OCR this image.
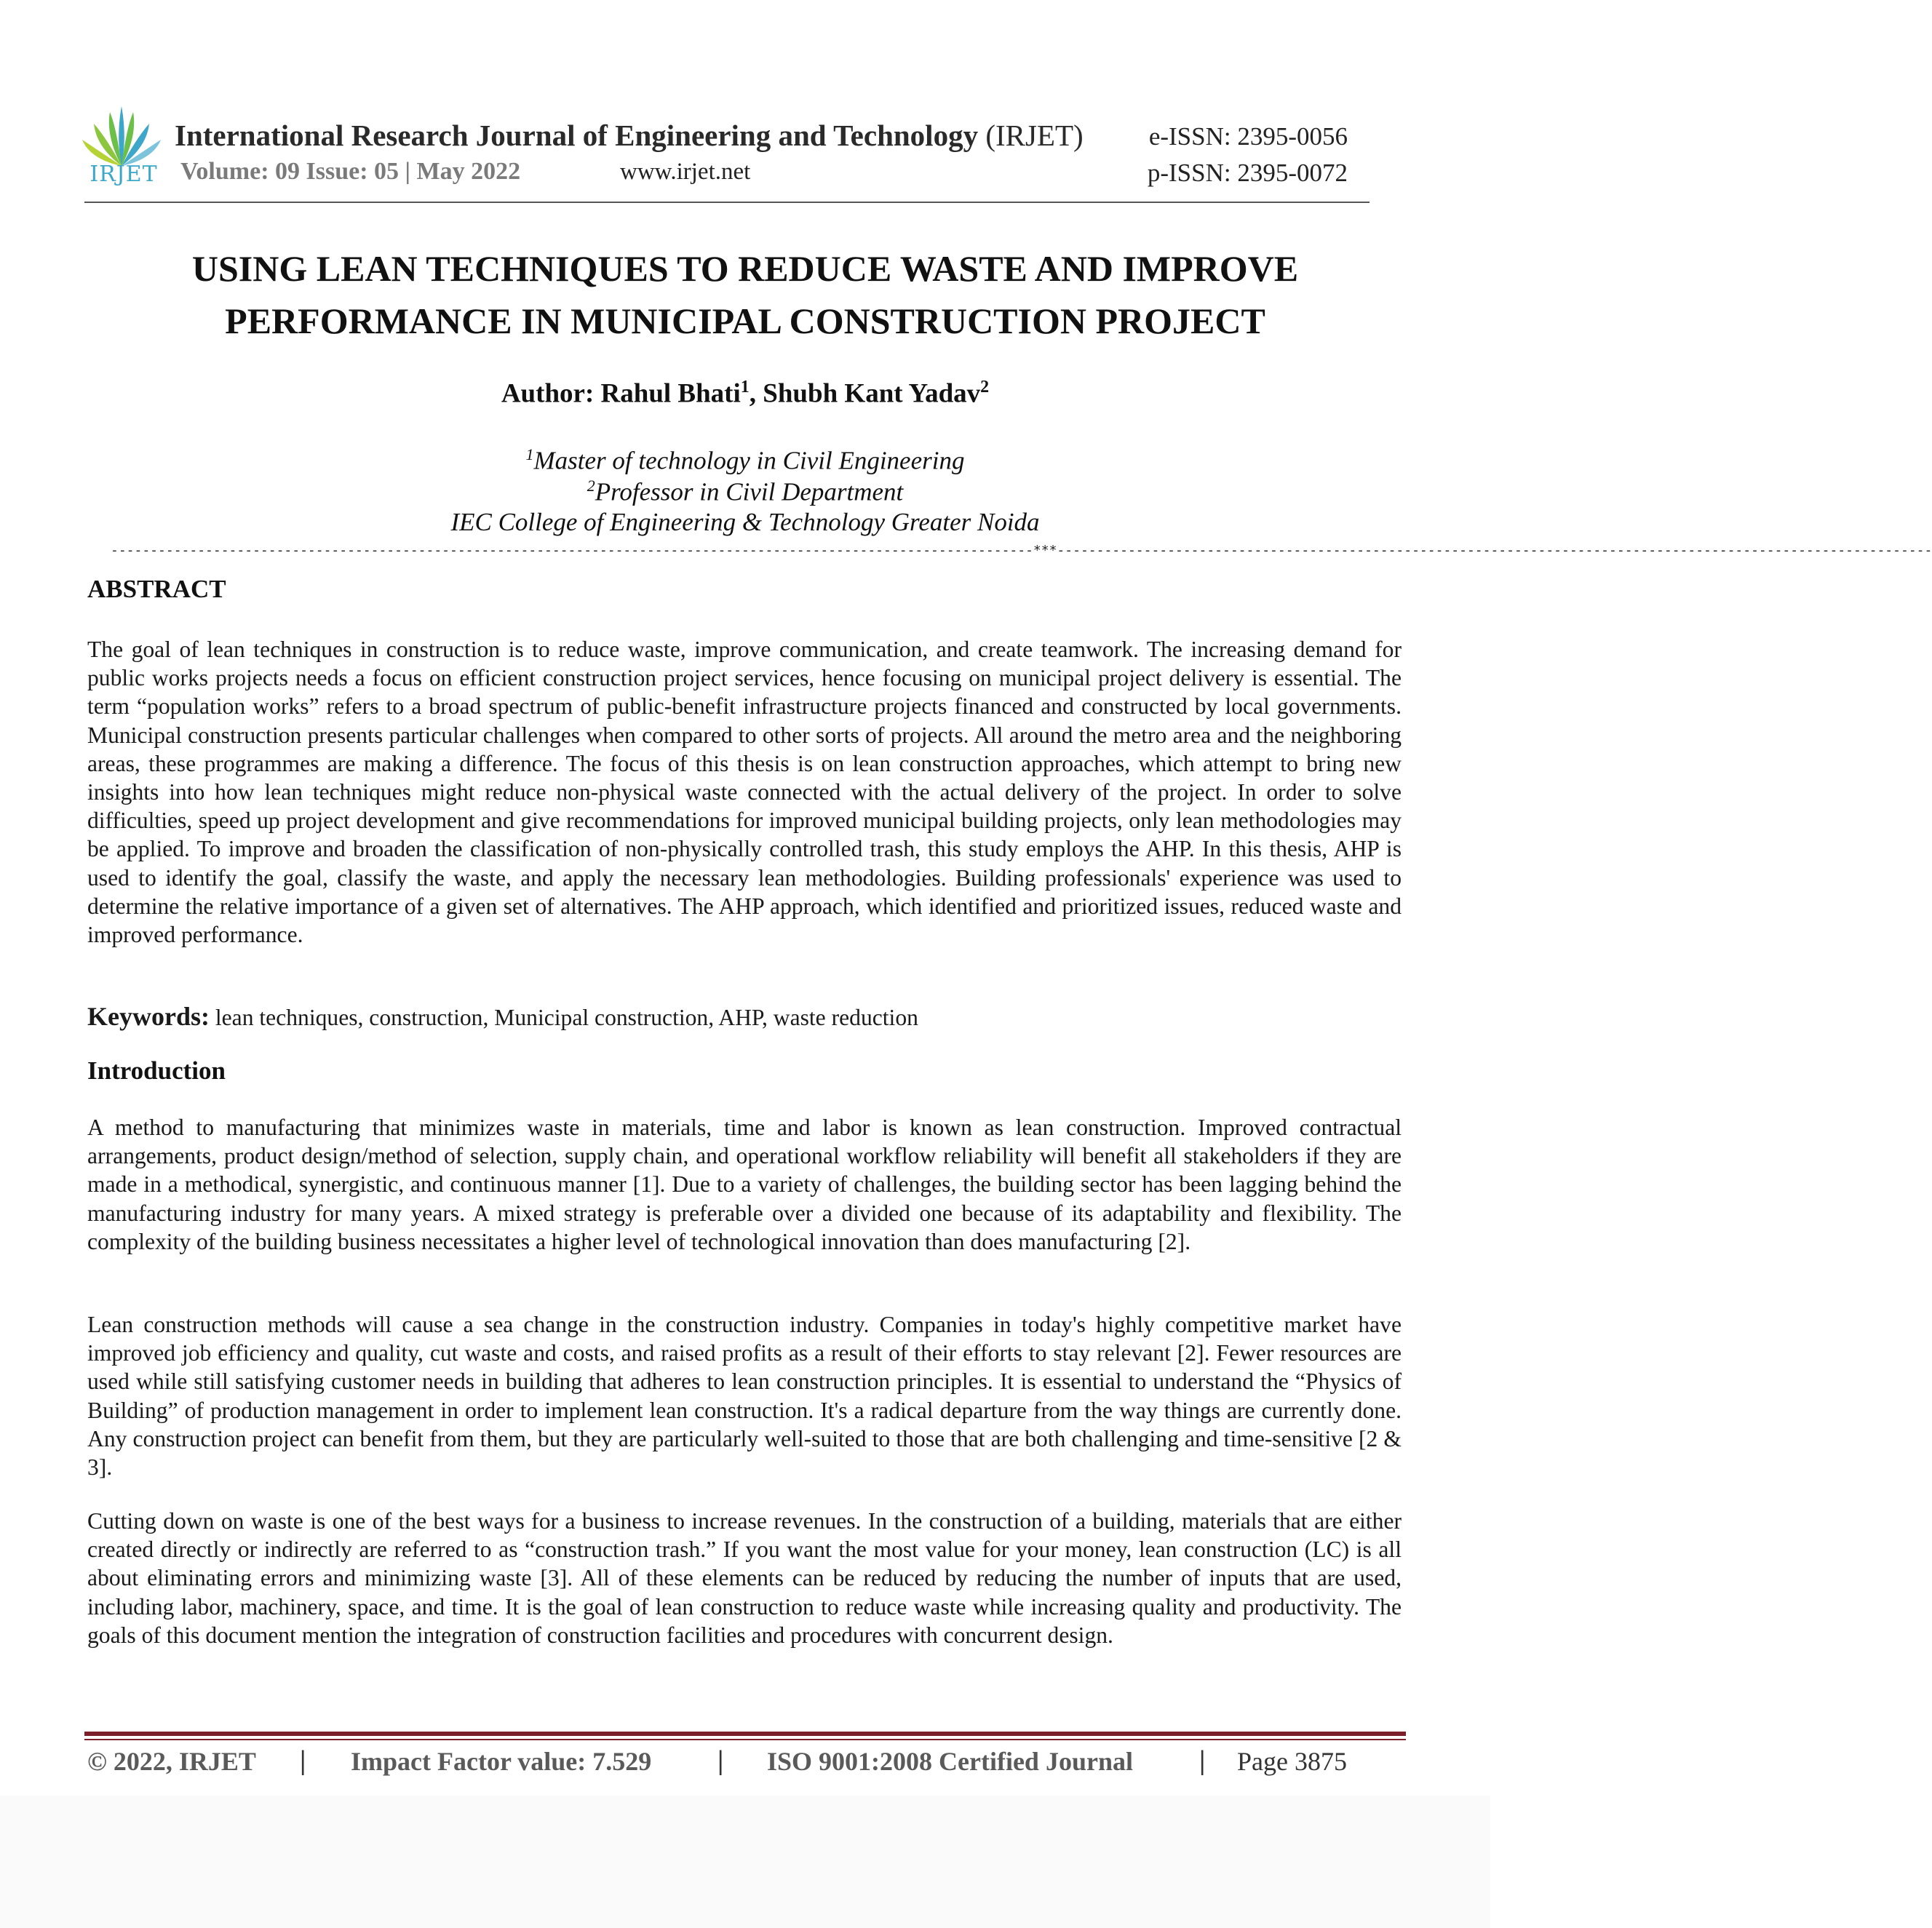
IRJET
International Research Journal of Engineering and Technology (IRJET)	e-ISSN: 2395-0056
Volume: 09 Issue: 05 | May 2022	www.irjet.net	p-ISSN: 2395-0072
USING LEAN TECHNIQUES TO REDUCE WASTE AND IMPROVE
PERFORMANCE IN MUNICIPAL CONSTRUCTION PROJECT
Author: Rahul Bhati$^1$, Shubh Kant Yadav$^2$
$^1$Master of technology in Civil Engineering
$^2$Professor in Civil Department
IEC College of Engineering & Technology Greater Noida
---------------------------------------------------------------------------------------------------------------------***---------------------------------------------------------------------------------------------------------------
ABSTRACT

The goal of lean techniques in construction is to reduce waste, improve communication, and create teamwork. The increasing demand for public works projects needs a focus on efficient construction project services, hence focusing on municipal project delivery is essential. The term “population works” refers to a broad spectrum of public-benefit infrastructure projects financed and constructed by local governments. Municipal construction presents particular challenges when compared to other sorts of projects. All around the metro area and the neighboring areas, these programmes are making a difference. The focus of this thesis is on lean construction approaches, which attempt to bring new insights into how lean techniques might reduce non-physical waste connected with the actual delivery of the project. In order to solve difficulties, speed up project development and give recommendations for improved municipal building projects, only lean methodologies may be applied. To improve and broaden the classification of non-physically controlled trash, this study employs the AHP. In this thesis, AHP is used to identify the goal, classify the waste, and apply the necessary lean methodologies. Building professionals' experience was used to determine the relative importance of a given set of alternatives. The AHP approach, which identified and prioritized issues, reduced waste and improved performance.

Keywords: lean techniques, construction, Municipal construction, AHP, waste reduction
Introduction

A method to manufacturing that minimizes waste in materials, time and labor is known as lean construction. Improved contractual arrangements, product design/method of selection, supply chain, and operational workflow reliability will benefit all stakeholders if they are made in a methodical, synergistic, and continuous manner [1]. Due to a variety of challenges, the building sector has been lagging behind the manufacturing industry for many years. A mixed strategy is preferable over a divided one because of its adaptability and flexibility. The complexity of the building business necessitates a higher level of technological innovation than does manufacturing [2].

Lean construction methods will cause a sea change in the construction industry. Companies in today's highly competitive market have improved job efficiency and quality, cut waste and costs, and raised profits as a result of their efforts to stay relevant [2]. Fewer resources are used while still satisfying customer needs in building that adheres to lean construction principles. It is essential to understand the “Physics of Building” of production management in order to implement lean construction. It's a radical departure from the way things are currently done. Any construction project can benefit from them, but they are particularly well-suited to those that are both challenging and time-sensitive [2 & 3].

Cutting down on waste is one of the best ways for a business to increase revenues. In the construction of a building, materials that are either created directly or indirectly are referred to as “construction trash.” If you want the most value for your money, lean construction (LC) is all about eliminating errors and minimizing waste [3]. All of these elements can be reduced by reducing the number of inputs that are used, including labor, machinery, space, and time. It is the goal of lean construction to reduce waste while increasing quality and productivity. The goals of this document mention the integration of construction facilities and procedures with concurrent design.

© 2022, IRJET | Impact Factor value: 7.529 | ISO 9001:2008 Certified Journal | Page 3875
